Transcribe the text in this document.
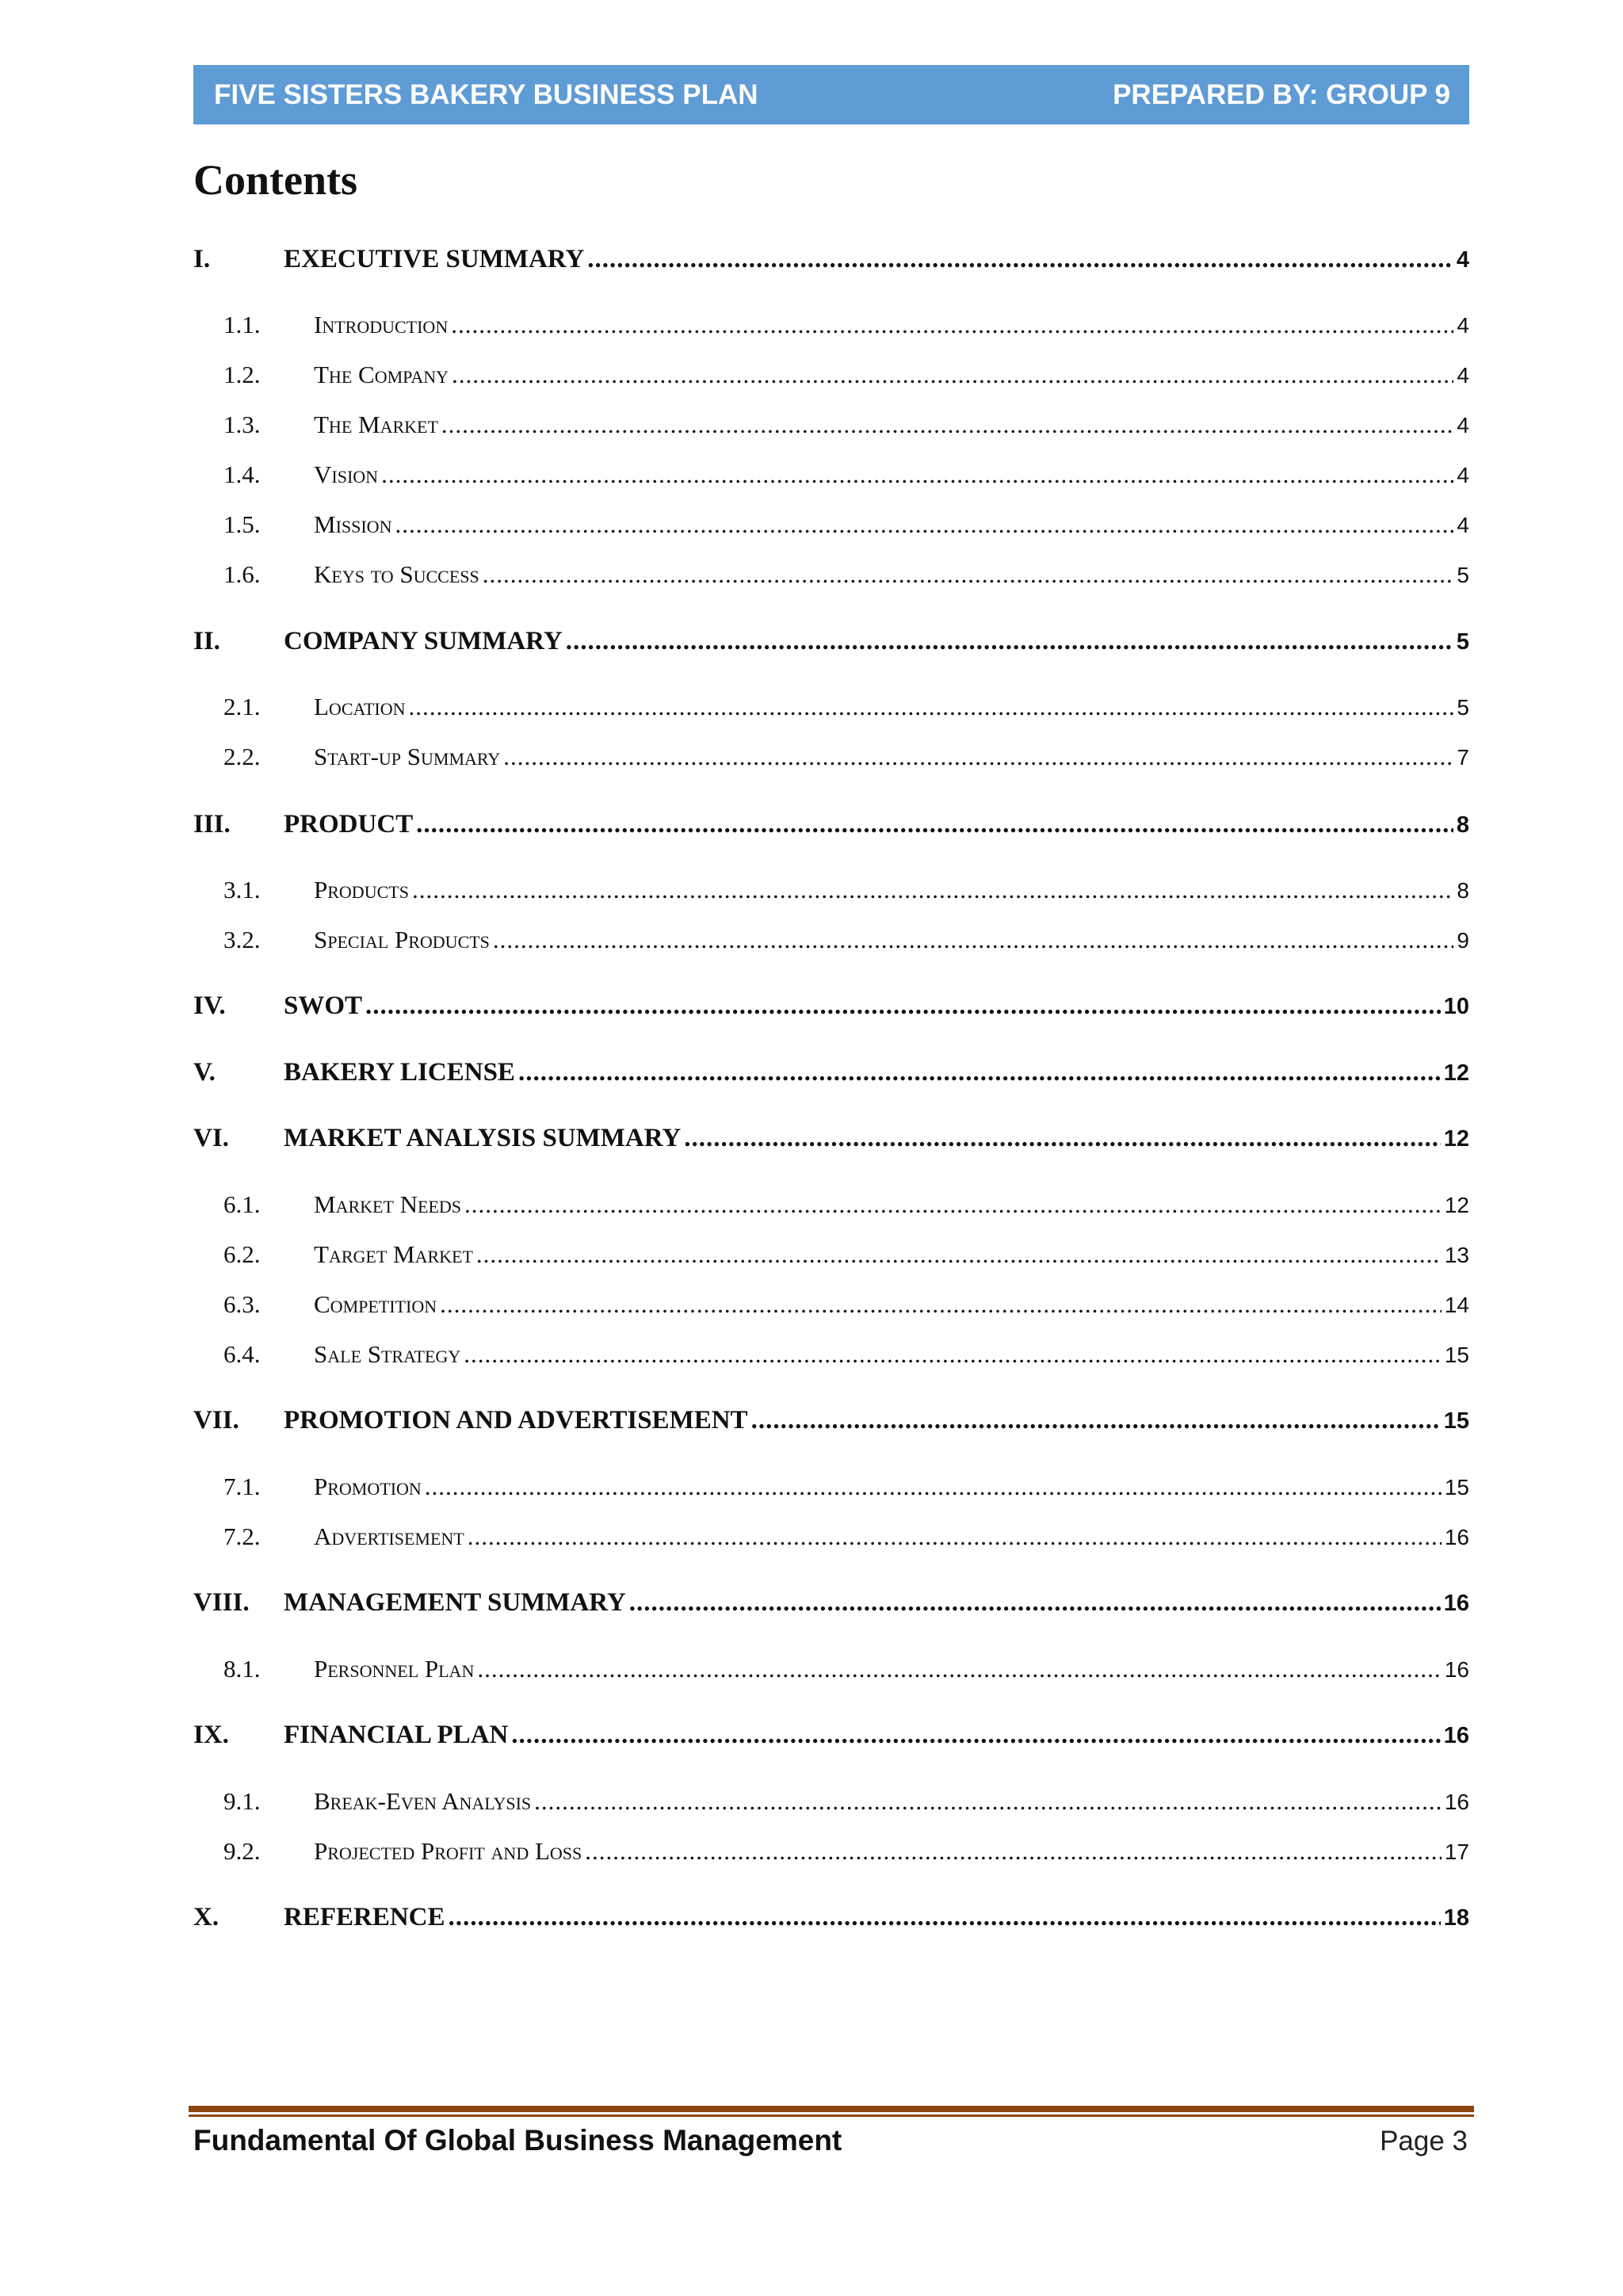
FIVE SISTERS BAKERY BUSINESS PLAN	PREPARED BY: GROUP 9
Contents
I.	EXECUTIVE SUMMARY .....	4
1.1.	Introduction .....	4
1.2.	The Company .....	4
1.3.	The Market .....	4
1.4.	Vision .....	4
1.5.	Mission .....	4
1.6.	Keys to Success .....	5
II.	COMPANY SUMMARY .....	5
2.1.	Location .....	5
2.2.	Start-up Summary .....	7
III.	PRODUCT .....	8
3.1.	Products .....	8
3.2.	Special Products .....	9
IV.	SWOT .....	10
V.	BAKERY LICENSE .....	12
VI.	MARKET ANALYSIS SUMMARY .....	12
6.1.	Market Needs .....	12
6.2.	Target Market .....	13
6.3.	Competition .....	14
6.4.	Sale Strategy .....	15
VII.	PROMOTION AND ADVERTISEMENT .....	15
7.1.	Promotion .....	15
7.2.	Advertisement .....	16
VIII.	MANAGEMENT SUMMARY .....	16
8.1.	Personnel Plan .....	16
IX.	FINANCIAL PLAN .....	16
9.1.	Break-Even Analysis .....	16
9.2.	Projected Profit and Loss .....	17
X.	REFERENCE .....	18
Fundamental Of Global Business Management	Page 3
